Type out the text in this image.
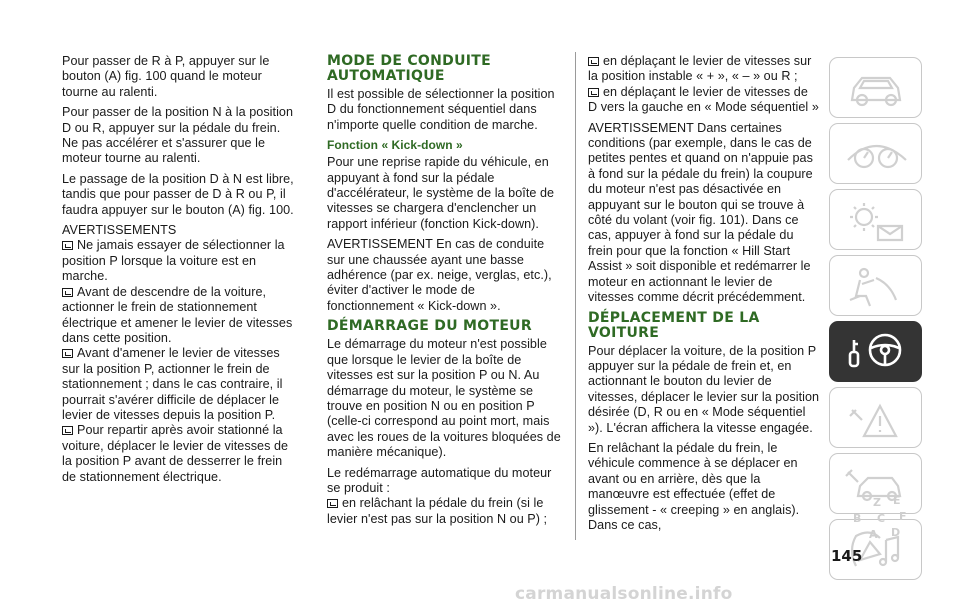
Pour passer de R à P, appuyer sur le bouton (A) fig. 100 quand le moteur tourne au ralenti.

Pour passer de la position N à la position D ou R, appuyer sur la pédale du frein. Ne pas accélérer et s'assurer que le moteur tourne au ralenti.

Le passage de la position D à N est libre, tandis que pour passer de D à R ou P, il faudra appuyer sur le bouton (A) fig. 100.

AVERTISSEMENTS

Ne jamais essayer de sélectionner la position P lorsque la voiture est en marche.

Avant de descendre de la voiture, actionner le frein de stationnement électrique et amener le levier de vitesses dans cette position.

Avant d'amener le levier de vitesses sur la position P, actionner le frein de stationnement ; dans le cas contraire, il pourrait s'avérer difficile de déplacer le levier de vitesses depuis la position P.

Pour repartir après avoir stationné la voiture, déplacer le levier de vitesses de la position P avant de desserrer le frein de stationnement électrique.

MODE DE CONDUITE AUTOMATIQUE

Il est possible de sélectionner la position D du fonctionnement séquentiel dans n'importe quelle condition de marche.

Fonction « Kick-down »

Pour une reprise rapide du véhicule, en appuyant à fond sur la pédale d'accélérateur, le système de la boîte de vitesses se chargera d'enclencher un rapport inférieur (fonction Kick-down).

AVERTISSEMENT En cas de conduite sur une chaussée ayant une basse adhérence (par ex. neige, verglas, etc.), éviter d'activer le mode de fonctionnement « Kick-down ».

DÉMARRAGE DU MOTEUR

Le démarrage du moteur n'est possible que lorsque le levier de la boîte de vitesses est sur la position P ou N. Au démarrage du moteur, le système se trouve en position N ou en position P (celle-ci correspond au point mort, mais avec les roues de la voitures bloquées de manière mécanique).

Le redémarrage automatique du moteur se produit :

en relâchant la pédale du frein (si le levier n'est pas sur la position N ou P) ;

en déplaçant le levier de vitesses sur la position instable « + », « – » ou R ;

en déplaçant le levier de vitesses de D vers la gauche en « Mode séquentiel »

AVERTISSEMENT Dans certaines conditions (par exemple, dans le cas de petites pentes et quand on n'appuie pas à fond sur la pédale du frein) la coupure du moteur n'est pas désactivée en appuyant sur le bouton qui se trouve à côté du volant (voir fig. 101). Dans ce cas, appuyer à fond sur la pédale du frein pour que la fonction « Hill Start Assist » soit disponible et redémarrer le moteur en actionnant le levier de vitesses comme décrit précédemment.

DÉPLACEMENT DE LA VOITURE

Pour déplacer la voiture, de la position P appuyer sur la pédale de frein et, en actionnant le bouton du levier de vitesses, déplacer le levier sur la position désirée (D, R ou en « Mode séquentiel »). L'écran affichera la vitesse engagée.

En relâchant la pédale du frein, le véhicule commence à se déplacer en avant ou en arrière, dès que la manœuvre est effectuée (effet de glissement - « creeping » en anglais). Dans ce cas,

Z E
B C F
A D
145
carmanualsonline.info
